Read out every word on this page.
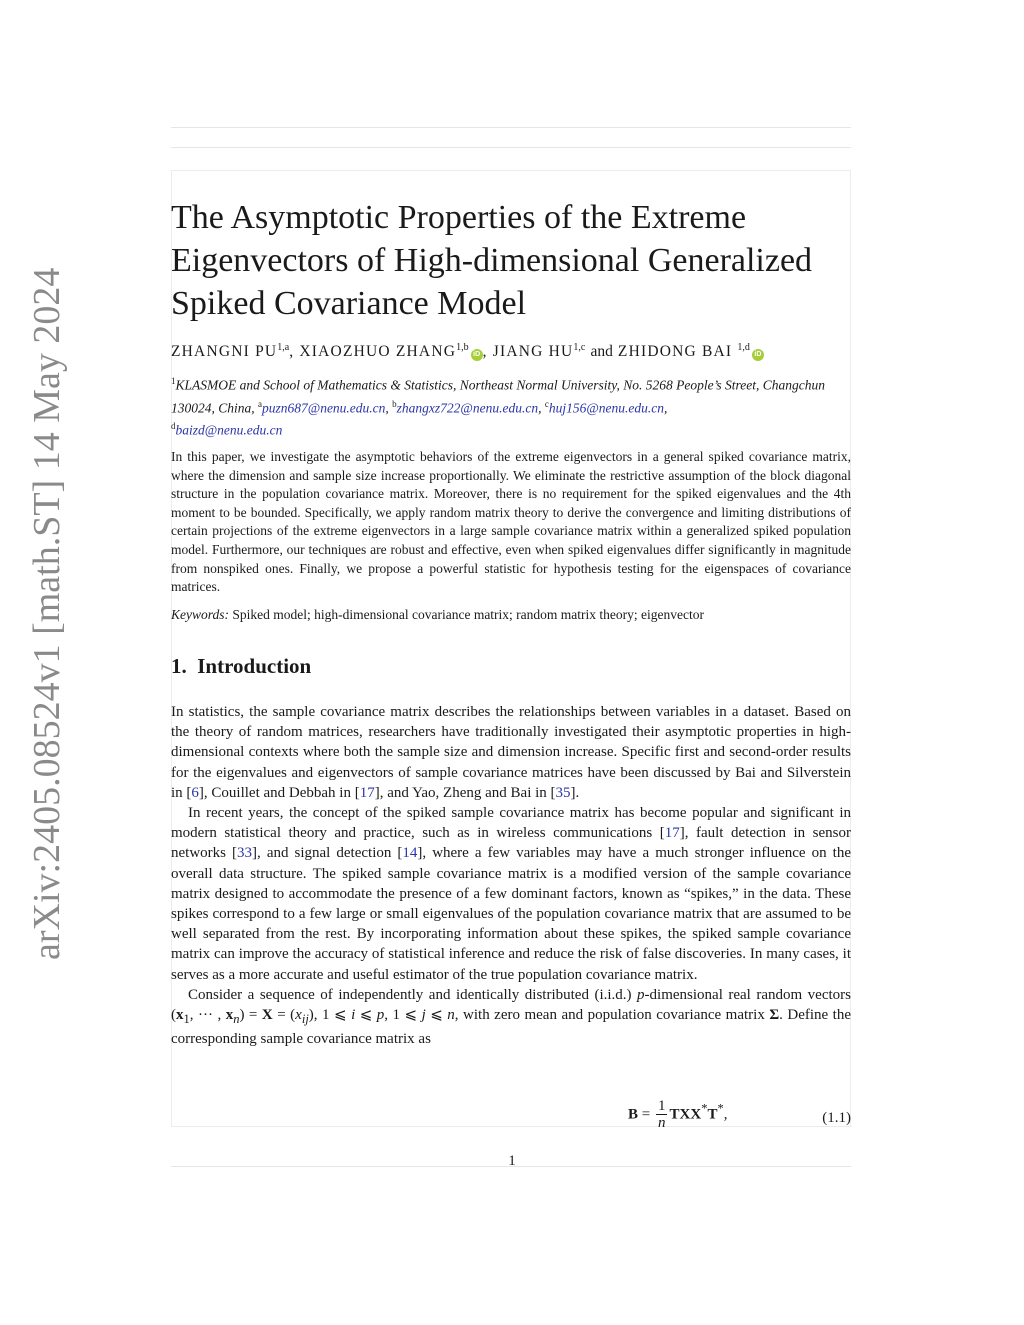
arXiv:2405.08524v1 [math.ST] 14 May 2024
The Asymptotic Properties of the Extreme
Eigenvectors of High-dimensional Generalized
Spiked Covariance Model
ZHANGNI PU$^{1,a}$, XIAOZHUO ZHANG$^{1,b}$iD , JIANG HU$^{1,c}$ and ZHIDONG BAI $^{1,d}$iD
$^1$KLASMOE and School of Mathematics & Statistics, Northeast Normal University, No. 5268 People’s Street, Changchun 130024, China, $^a$puzn687@nenu.edu.cn, $^b$zhangxz722@nenu.edu.cn, $^c$huj156@nenu.edu.cn,
$^d$baizd@nenu.edu.cn
In this paper, we investigate the asymptotic behaviors of the extreme eigenvectors in a general spiked covariance matrix, where the dimension and sample size increase proportionally. We eliminate the restrictive assumption of the block diagonal structure in the population covariance matrix. Moreover, there is no requirement for the spiked eigenvalues and the 4th moment to be bounded. Specifically, we apply random matrix theory to derive the convergence and limiting distributions of certain projections of the extreme eigenvectors in a large sample covariance matrix within a generalized spiked population model. Furthermore, our techniques are robust and effective, even when spiked eigenvalues differ significantly in magnitude from nonspiked ones. Finally, we propose a powerful statistic for hypothesis testing for the eigenspaces of covariance matrices.
Keywords: Spiked model; high-dimensional covariance matrix; random matrix theory; eigenvector
1. Introduction

In statistics, the sample covariance matrix describes the relationships between variables in a dataset. Based on the theory of random matrices, researchers have traditionally investigated their asymptotic properties in high-dimensional contexts where both the sample size and dimension increase. Specific first and second-order results for the eigenvalues and eigenvectors of sample covariance matrices have been discussed by Bai and Silverstein in [6], Couillet and Debbah in [17], and Yao, Zheng and Bai in [35].

In recent years, the concept of the spiked sample covariance matrix has become popular and significant in modern statistical theory and practice, such as in wireless communications [17], fault detection in sensor networks [33], and signal detection [14], where a few variables may have a much stronger influence on the overall data structure. The spiked sample covariance matrix is a modified version of the sample covariance matrix designed to accommodate the presence of a few dominant factors, known as “spikes,” in the data. These spikes correspond to a few large or small eigenvalues of the population covariance matrix that are assumed to be well separated from the rest. By incorporating information about these spikes, the spiked sample covariance matrix can improve the accuracy of statistical inference and reduce the risk of false discoveries. In many cases, it serves as a more accurate and useful estimator of the true population covariance matrix.

Consider a sequence of independently and identically distributed (i.i.d.) p-dimensional real random vectors ($x_1$, ··· , $x_n) = X = (x_{ij})$, 1 ⩽ i ⩽ p, 1 ⩽ j ⩽ n, with zero mean and population covariance matrix Σ. Define the corresponding sample covariance matrix as

$B = \frac{1}{n} TXX^*T^*$,	(1.1)
1
